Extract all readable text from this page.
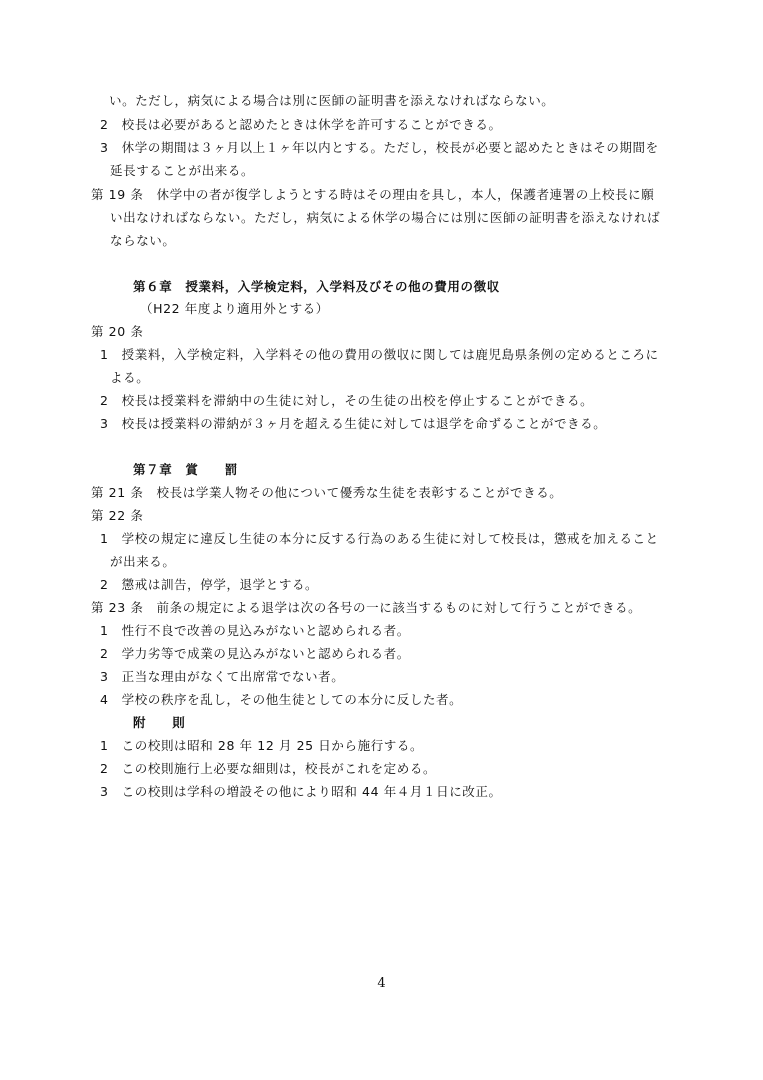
い。ただし，病気による場合は別に医師の証明書を添えなければならない。
2　校長は必要があると認めたときは休学を許可することができる。
3　休学の期間は３ヶ月以上１ヶ年以内とする。ただし，校長が必要と認めたときはその期間を
延長することが出来る。
第 19 条　休学中の者が復学しようとする時はその理由を具し，本人，保護者連署の上校長に願
い出なければならない。ただし，病気による休学の場合には別に医師の証明書を添えなければ
ならない。
第６章　授業料，入学検定料，入学料及びその他の費用の徴収
（H22 年度より適用外とする）
第 20 条
1　授業料，入学検定料，入学料その他の費用の徴収に関しては鹿児島県条例の定めるところに
よる。
2　校長は授業料を滞納中の生徒に対し，その生徒の出校を停止することができる。
3　校長は授業料の滞納が３ヶ月を超える生徒に対しては退学を命ずることができる。
第７章　賞　　罰
第 21 条　校長は学業人物その他について優秀な生徒を表彰することができる。
第 22 条
1　学校の規定に違反し生徒の本分に反する行為のある生徒に対して校長は，懲戒を加えること
が出来る。
2　懲戒は訓告，停学，退学とする。
第 23 条　前条の規定による退学は次の各号の一に該当するものに対して行うことができる。
1　性行不良で改善の見込みがないと認められる者。
2　学力劣等で成業の見込みがないと認められる者。
3　正当な理由がなくて出席常でない者。
4　学校の秩序を乱し，その他生徒としての本分に反した者。
附　　則
1　この校則は昭和 28 年 12 月 25 日から施行する。
2　この校則施行上必要な細則は，校長がこれを定める。
3　この校則は学科の増設その他により昭和 44 年４月１日に改正。
4
